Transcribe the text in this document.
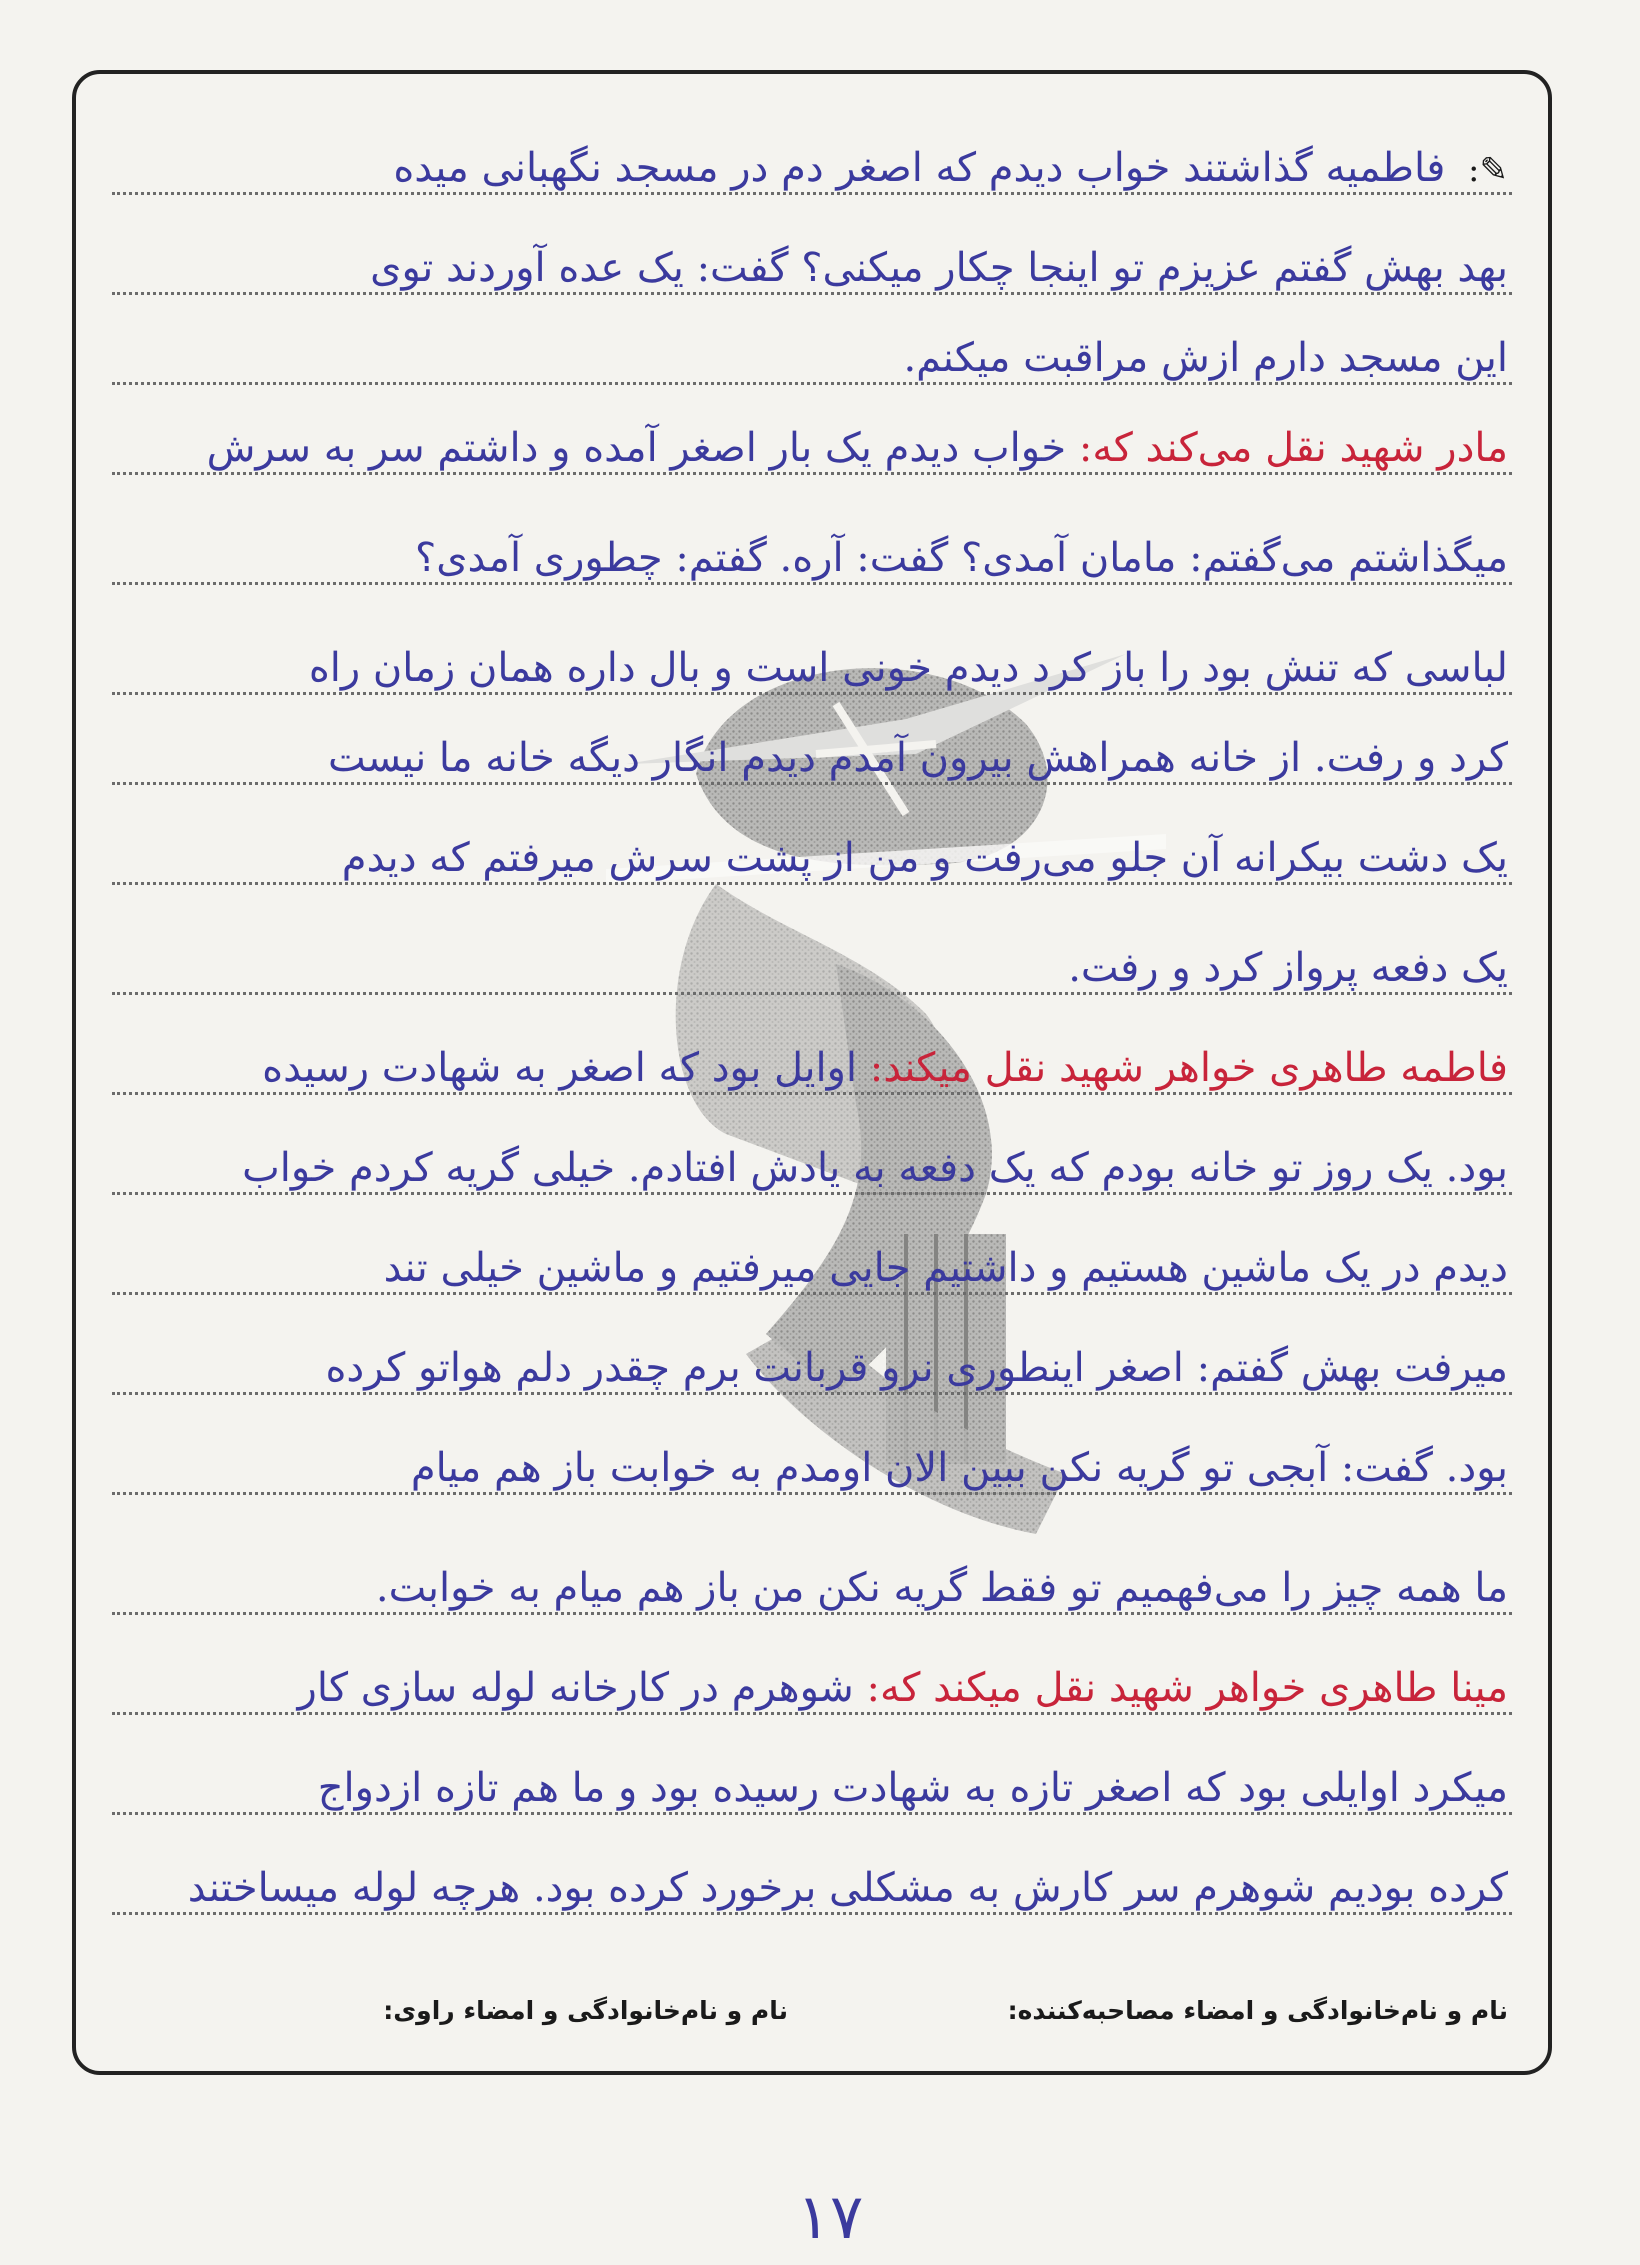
✎: فاطمیه گذاشتند خواب دیدم که اصغر دم در مسجد نگهبانی میده
بهد بهش گفتم عزیزم تو اینجا چکار میکنی؟ گفت: یک عده آوردند توی
این مسجد دارم ازش مراقبت میکنم.
مادر شهید نقل می‌کند که: خواب دیدم یک بار اصغر آمده و داشتم سر به سرش
میگذاشتم می‌گفتم: مامان آمدی؟ گفت: آره. گفتم: چطوری آمدی؟
لباسی که تنش بود را باز کرد دیدم خونی است و بال داره همان زمان راه
کرد و رفت. از خانه همراهش بیرون آمدم دیدم انگار دیگه خانه ما نیست
یک دشت بیکرانه آن جلو می‌رفت و من از پشت سرش میرفتم که دیدم
یک دفعه پرواز کرد و رفت.
فاطمه طاهری خواهر شهید نقل میکند: اوایل بود که اصغر به شهادت رسیده
بود. یک روز تو خانه بودم که یک دفعه به یادش افتادم. خیلی گریه کردم خواب
دیدم در یک ماشین هستیم و داشتیم جایی میرفتیم و ماشین خیلی تند
میرفت بهش گفتم: اصغر اینطوری نرو قربانت برم چقدر دلم هواتو کرده
بود. گفت: آبجی تو گریه نکن ببین الان اومدم به خوابت باز هم میام
ما همه چیز را می‌فهمیم تو فقط گریه نکن من باز هم میام به خوابت.
مینا طاهری خواهر شهید نقل میکند که: شوهرم در کارخانه لوله سازی کار
میکرد اوایلی بود که اصغر تازه به شهادت رسیده بود و ما هم تازه ازدواج
کرده بودیم شوهرم سر کارش به مشکلی برخورد کرده بود. هرچه لوله میساختند
نام و نام‌خانوادگی و امضاء مصاحبه‌کننده:
نام و نام‌خانوادگی و امضاء راوی:
۱۷
